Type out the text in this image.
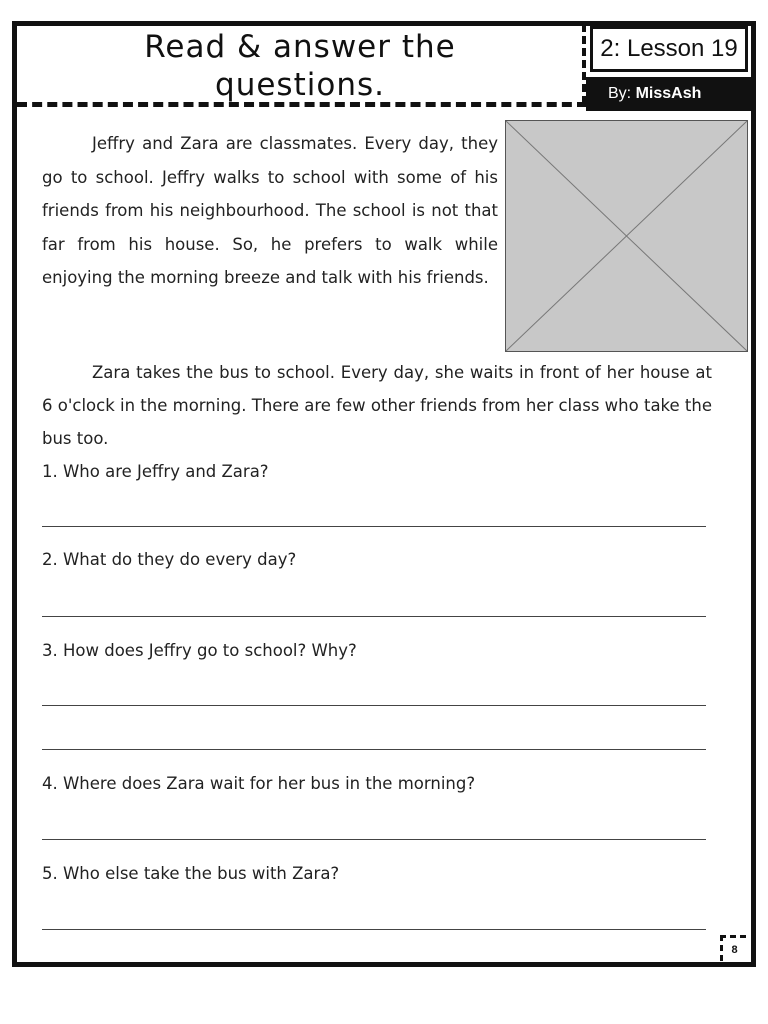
Read & answer the
questions.
2: Lesson 19
By: MissAsh

Jeffry and Zara are classmates. Every day, they go to school. Jeffry walks to school with some of his friends from his neighbourhood. The school is not that far from his house. So, he prefers to walk while enjoying the morning breeze and talk with his friends.

Zara takes the bus to school. Every day, she waits in front of her house at 6 o'clock in the morning. There are few other friends from her class who take the bus too.

1. Who are Jeffry and Zara?

2. What do they do every day?

3. How does Jeffry go to school? Why?

4. Where does Zara wait for her bus in the morning?

5. Who else take the bus with Zara?

8
